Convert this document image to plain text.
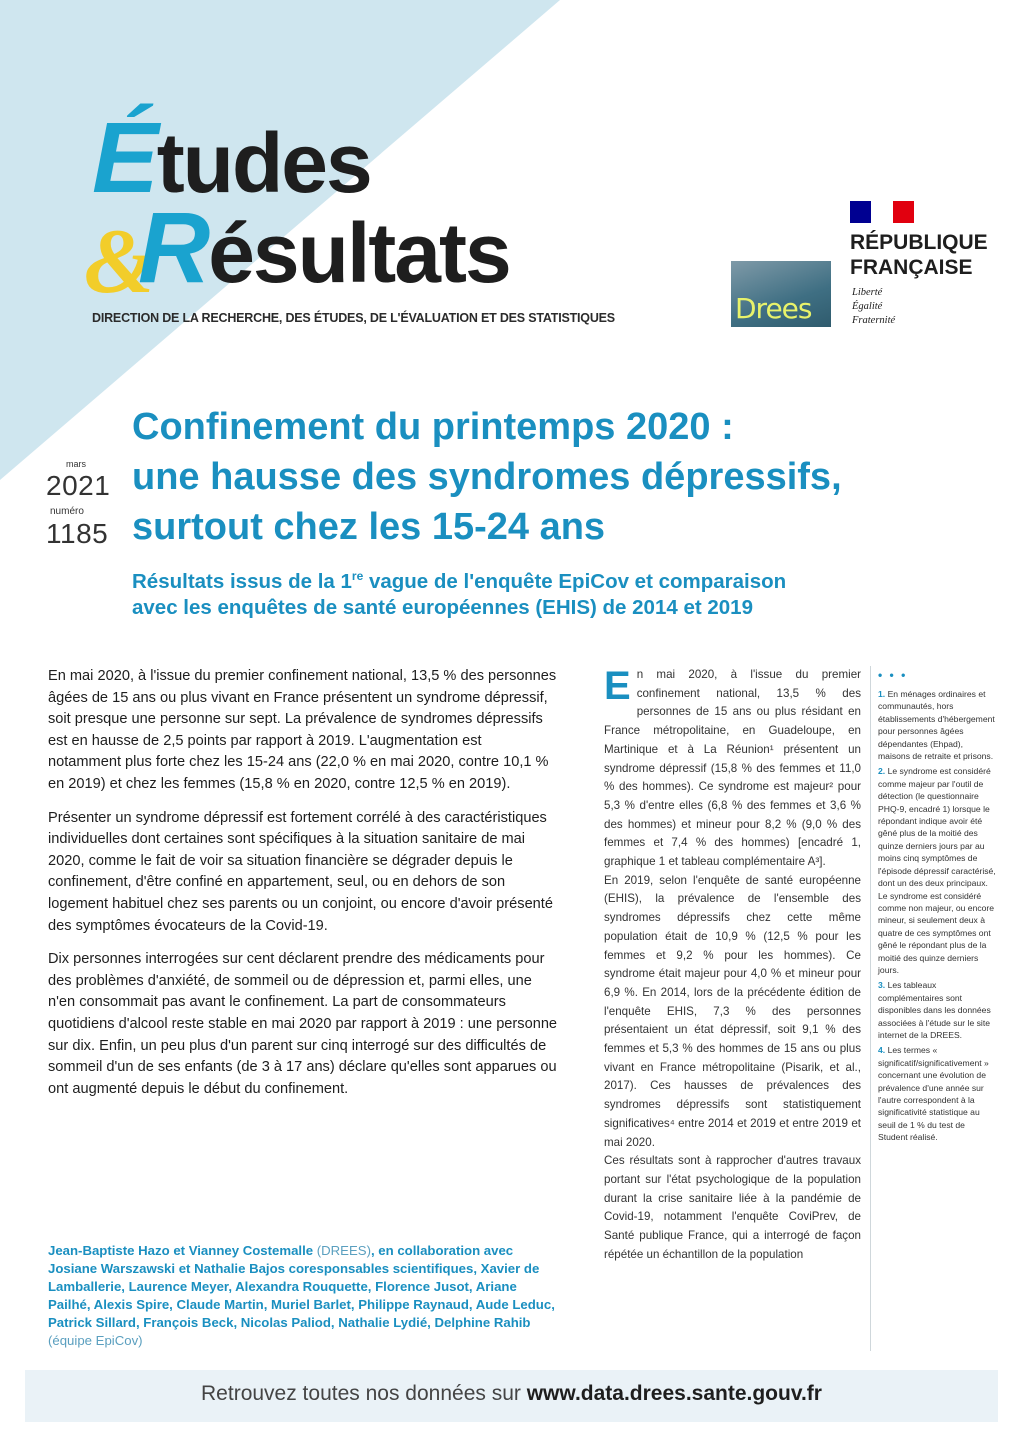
Études
&
Résultats
DIRECTION DE LA RECHERCHE, DES ÉTUDES, DE L'ÉVALUATION ET DES STATISTIQUES	Drees
RÉPUBLIQUE
FRANÇAISE
Liberté
Égalité
Fraternité
mars
2021
numéro
1185
Confinement du printemps 2020 :
une hausse des syndromes dépressifs,
surtout chez les 15-24 ans
Résultats issus de la 1re vague de l'enquête EpiCov et comparaison
avec les enquêtes de santé européennes (EHIS) de 2014 et 2019

En mai 2020, à l'issue du premier confinement national, 13,5 % des personnes âgées de 15 ans ou plus vivant en France présentent un syndrome dépressif, soit presque une personne sur sept. La prévalence de syndromes dépressifs est en hausse de 2,5 points par rapport à 2019. L'augmentation est notamment plus forte chez les 15-24 ans (22,0 % en mai 2020, contre 10,1 % en 2019) et chez les femmes (15,8 % en 2020, contre 12,5 % en 2019).

Présenter un syndrome dépressif est fortement corrélé à des caractéristiques individuelles dont certaines sont spécifiques à la situation sanitaire de mai 2020, comme le fait de voir sa situation financière se dégrader depuis le confinement, d'être confiné en appartement, seul, ou en dehors de son logement habituel chez ses parents ou un conjoint, ou encore d'avoir présenté des symptômes évocateurs de la Covid-19.

Dix personnes interrogées sur cent déclarent prendre des médicaments pour des problèmes d'anxiété, de sommeil ou de dépression et, parmi elles, une n'en consommait pas avant le confinement. La part de consommateurs quotidiens d'alcool reste stable en mai 2020 par rapport à 2019 : une personne sur dix. Enfin, un peu plus d'un parent sur cinq interrogé sur des difficultés de sommeil d'un de ses enfants (de 3 à 17 ans) déclare qu'elles sont apparues ou ont augmenté depuis le début du confinement.

Jean-Baptiste Hazo et Vianney Costemalle (DREES), en collaboration avec Josiane Warszawski et Nathalie Bajos coresponsables scientifiques, Xavier de Lamballerie, Laurence Meyer, Alexandra Rouquette, Florence Jusot, Ariane Pailhé, Alexis Spire, Claude Martin, Muriel Barlet, Philippe Raynaud, Aude Leduc, Patrick Sillard, François Beck, Nicolas Paliod, Nathalie Lydié, Delphine Rahib (équipe EpiCov)

En mai 2020, à l'issue du premier confinement national, 13,5 % des personnes de 15 ans ou plus résidant en France métropolitaine, en Guadeloupe, en Martinique et à La Réunion¹ présentent un syndrome dépressif (15,8 % des femmes et 11,0 % des hommes). Ce syndrome est majeur² pour 5,3 % d'entre elles (6,8 % des femmes et 3,6 % des hommes) et mineur pour 8,2 % (9,0 % des femmes et 7,4 % des hommes) [encadré 1, graphique 1 et tableau complémentaire A³].

En 2019, selon l'enquête de santé européenne (EHIS), la prévalence de l'ensemble des syndromes dépressifs chez cette même population était de 10,9 % (12,5 % pour les femmes et 9,2 % pour les hommes). Ce syndrome était majeur pour 4,0 % et mineur pour 6,9 %. En 2014, lors de la précédente édition de l'enquête EHIS, 7,3 % des personnes présentaient un état dépressif, soit 9,1 % des femmes et 5,3 % des hommes de 15 ans ou plus vivant en France métropolitaine (Pisarik, et al., 2017). Ces hausses de prévalences des syndromes dépressifs sont statistiquement significatives⁴ entre 2014 et 2019 et entre 2019 et mai 2020.

Ces résultats sont à rapprocher d'autres travaux portant sur l'état psychologique de la population durant la crise sanitaire liée à la pandémie de Covid-19, notamment l'enquête CoviPrev, de Santé publique France, qui a interrogé de façon répétée un échantillon de la population

• • •

1. En ménages ordinaires et communautés, hors établissements d'hébergement pour personnes âgées dépendantes (Ehpad), maisons de retraite et prisons.

2. Le syndrome est considéré comme majeur par l'outil de détection (le questionnaire PHQ-9, encadré 1) lorsque le répondant indique avoir été gêné plus de la moitié des quinze derniers jours par au moins cinq symptômes de l'épisode dépressif caractérisé, dont un des deux principaux. Le syndrome est considéré comme non majeur, ou encore mineur, si seulement deux à quatre de ces symptômes ont gêné le répondant plus de la moitié des quinze derniers jours.

3. Les tableaux complémentaires sont disponibles dans les données associées à l'étude sur le site internet de la DREES.

4. Les termes « significatif/significativement » concernant une évolution de prévalence d'une année sur l'autre correspondent à la significativité statistique au seuil de 1 % du test de Student réalisé.

Retrouvez toutes nos données sur www.data.drees.sante.gouv.fr
